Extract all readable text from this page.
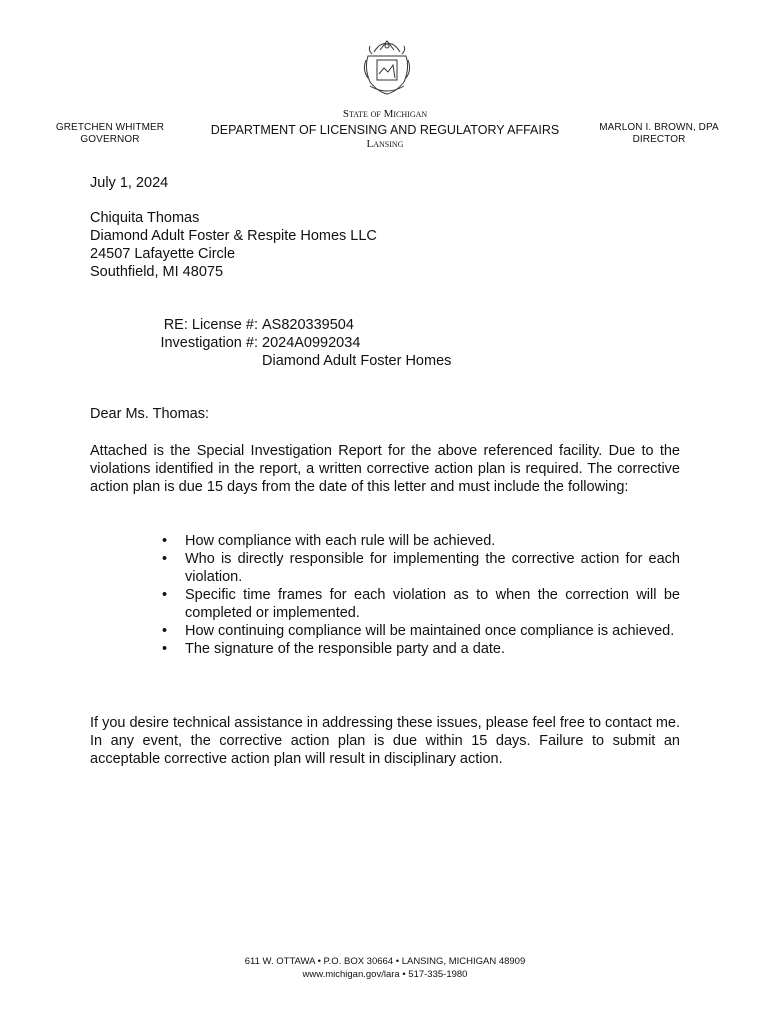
GRETCHEN WHITMER
GOVERNOR
State of Michigan
DEPARTMENT OF LICENSING AND REGULATORY AFFAIRS
Lansing
MARLON I. BROWN, DPA
DIRECTOR
July 1, 2024
Chiquita Thomas
Diamond Adult Foster & Respite Homes LLC
24507 Lafayette Circle
Southfield, MI 48075
RE: License #:	AS820339504
Investigation #:	2024A0992034
	Diamond Adult Foster Homes
Dear Ms. Thomas:
Attached is the Special Investigation Report for the above referenced facility. Due to the violations identified in the report, a written corrective action plan is required. The corrective action plan is due 15 days from the date of this letter and must include the following:
• How compliance with each rule will be achieved.
• Who is directly responsible for implementing the corrective action for each violation.
• Specific time frames for each violation as to when the correction will be completed or implemented.
• How continuing compliance will be maintained once compliance is achieved.
• The signature of the responsible party and a date.
If you desire technical assistance in addressing these issues, please feel free to contact me. In any event, the corrective action plan is due within 15 days. Failure to submit an acceptable corrective action plan will result in disciplinary action.
611 W. OTTAWA • P.O. BOX 30664 • LANSING, MICHIGAN 48909
www.michigan.gov/lara • 517-335-1980
